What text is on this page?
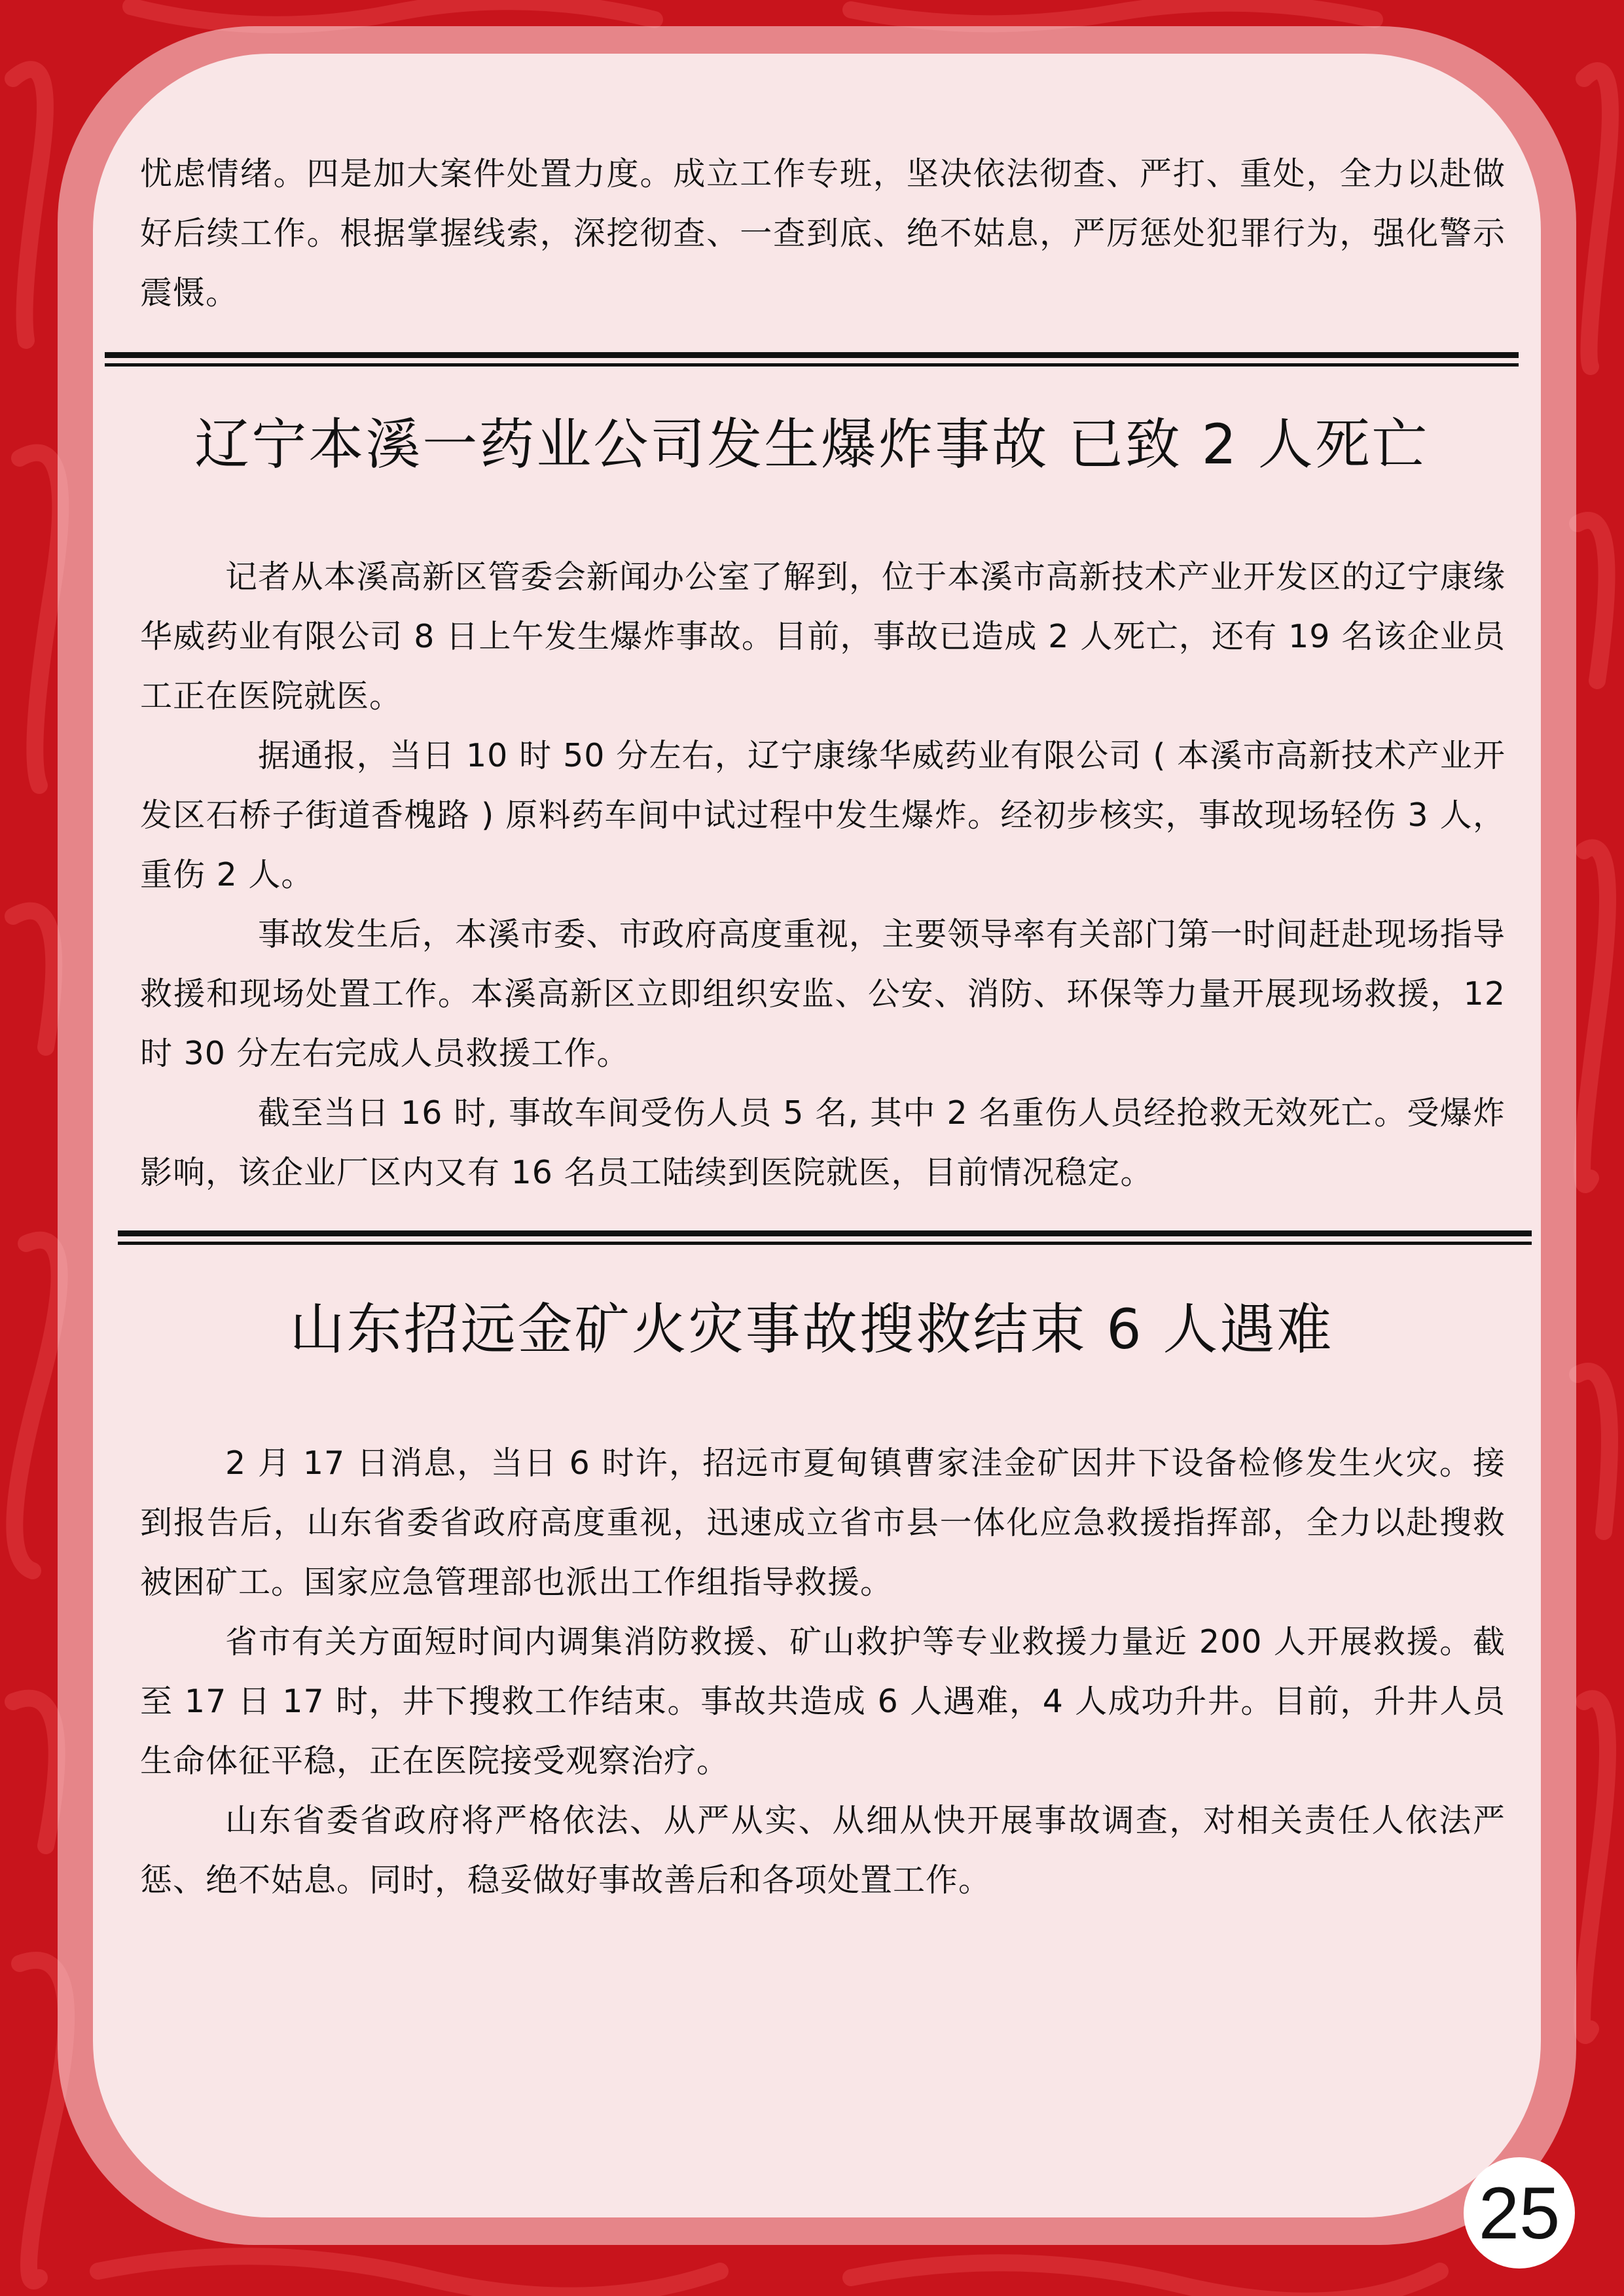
忧虑情绪。四是加大案件处置力度。成立工作专班，坚决依法彻查、严打、重处，全力以赴做好后续工作。根据掌握线索，深挖彻查、一查到底、绝不姑息，严厉惩处犯罪行为，强化警示震慑。

辽宁本溪一药业公司发生爆炸事故 已致 2 人死亡

记者从本溪高新区管委会新闻办公室了解到，位于本溪市高新技术产业开发区的辽宁康缘华威药业有限公司 8 日上午发生爆炸事故。目前，事故已造成 2 人死亡，还有 19 名该企业员工正在医院就医。

据通报，当日 10 时 50 分左右，辽宁康缘华威药业有限公司 ( 本溪市高新技术产业开发区石桥子街道香槐路 ) 原料药车间中试过程中发生爆炸。经初步核实，事故现场轻伤 3 人，重伤 2 人。

事故发生后，本溪市委、市政府高度重视，主要领导率有关部门第一时间赶赴现场指导救援和现场处置工作。本溪高新区立即组织安监、公安、消防、环保等力量开展现场救援，12 时 30 分左右完成人员救援工作。

截至当日 16 时, 事故车间受伤人员 5 名, 其中 2 名重伤人员经抢救无效死亡。受爆炸影响，该企业厂区内又有 16 名员工陆续到医院就医，目前情况稳定。

山东招远金矿火灾事故搜救结束 6 人遇难

2 月 17 日消息，当日 6 时许，招远市夏甸镇曹家洼金矿因井下设备检修发生火灾。接到报告后，山东省委省政府高度重视，迅速成立省市县一体化应急救援指挥部，全力以赴搜救被困矿工。国家应急管理部也派出工作组指导救援。

省市有关方面短时间内调集消防救援、矿山救护等专业救援力量近 200 人开展救援。截至 17 日 17 时，井下搜救工作结束。事故共造成 6 人遇难，4 人成功升井。目前，升井人员生命体征平稳，正在医院接受观察治疗。

山东省委省政府将严格依法、从严从实、从细从快开展事故调查，对相关责任人依法严惩、绝不姑息。同时，稳妥做好事故善后和各项处置工作。

25
